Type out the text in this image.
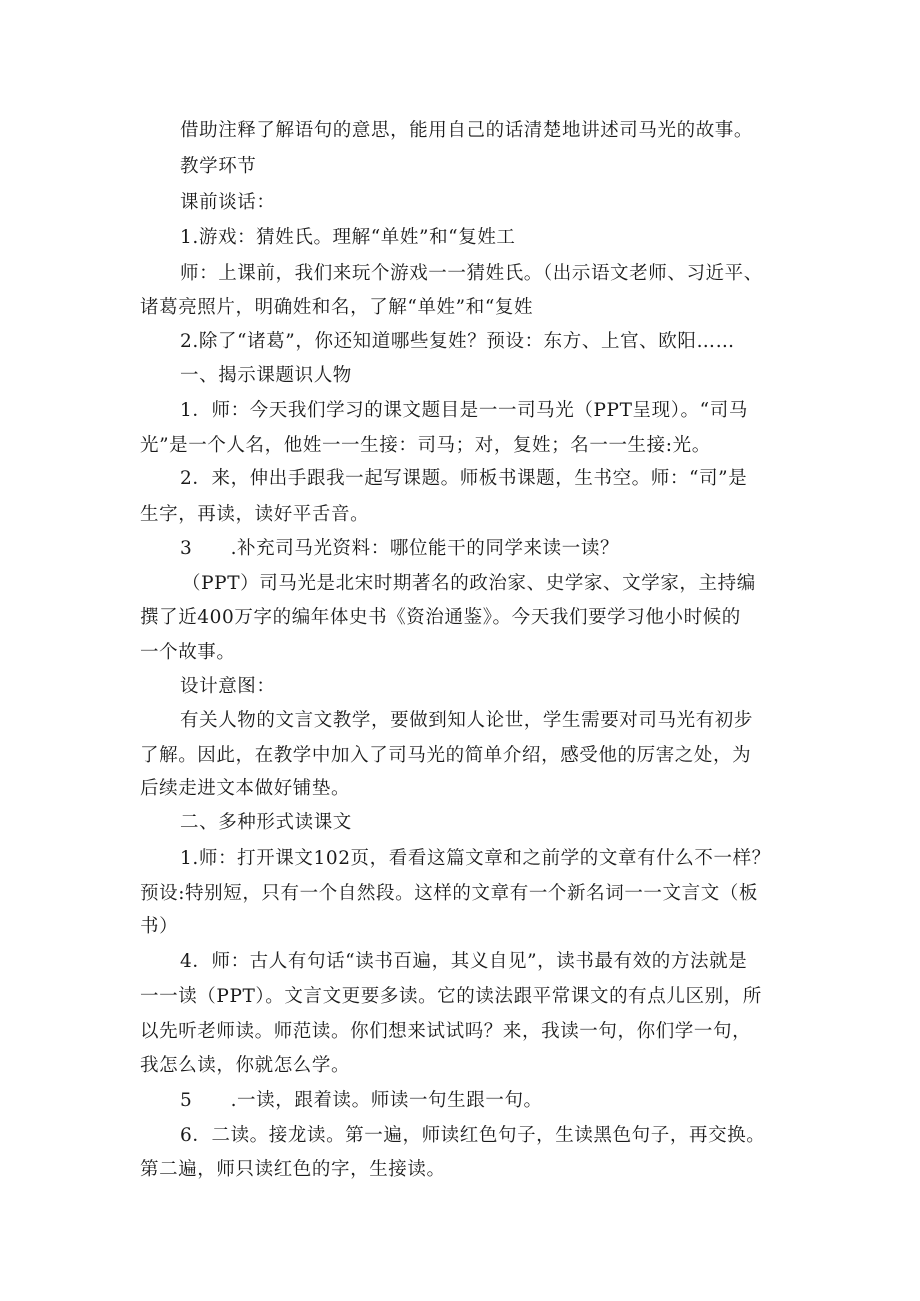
借助注释了解语句的意思，能用自己的话清楚地讲述司马光的故事。
教学环节
课前谈话：
1.游戏：猜姓氏。理解“单姓”和“复姓工
师：上课前，我们来玩个游戏一一猜姓氏。（出示语文老师、习近平、
诸葛亮照片，明确姓和名，了解“单姓”和“复姓
2.除了“诸葛”，你还知道哪些复姓？预设：东方、上官、欧阳……
一、揭示课题识人物
1．师：今天我们学习的课文题目是一一司马光（PPT呈现）。“司马
光”是一个人名，他姓一一生接：司马；对，复姓；名一一生接:光。
2．来，伸出手跟我一起写课题。师板书课题，生书空。师：“司”是
生字，再读，读好平舌音。
3　　.补充司马光资料：哪位能干的同学来读一读？
（PPT）司马光是北宋时期著名的政治家、史学家、文学家，主持编
撰了近400万字的编年体史书《资治通鉴》。今天我们要学习他小时候的
一个故事。
设计意图：
有关人物的文言文教学，要做到知人论世，学生需要对司马光有初步
了解。因此，在教学中加入了司马光的简单介绍，感受他的厉害之处，为
后续走进文本做好铺垫。
二、多种形式读课文
1.师：打开课文102页，看看这篇文章和之前学的文章有什么不一样？
预设:特别短，只有一个自然段。这样的文章有一个新名词一一文言文（板
书）
4．师：古人有句话“读书百遍，其义自见”，读书最有效的方法就是
一一读（PPT）。文言文更要多读。它的读法跟平常课文的有点儿区别，所
以先听老师读。师范读。你们想来试试吗？来，我读一句，你们学一句，
我怎么读，你就怎么学。
5　　.一读，跟着读。师读一句生跟一句。
6．二读。接龙读。第一遍，师读红色句子，生读黑色句子，再交换。
第二遍，师只读红色的字，生接读。
